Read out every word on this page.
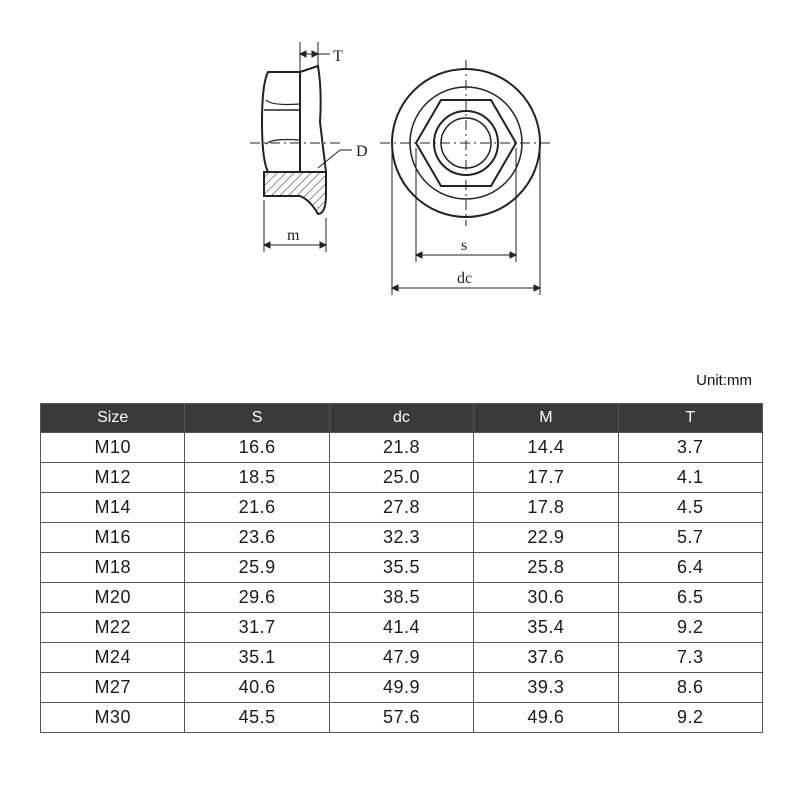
T
D
m
s
dc
Unit:mm
Size	S	dc	M	T
M10	16.6	21.8	14.4	3.7
M12	18.5	25.0	17.7	4.1
M14	21.6	27.8	17.8	4.5
M16	23.6	32.3	22.9	5.7
M18	25.9	35.5	25.8	6.4
M20	29.6	38.5	30.6	6.5
M22	31.7	41.4	35.4	9.2
M24	35.1	47.9	37.6	7.3
M27	40.6	49.9	39.3	8.6
M30	45.5	57.6	49.6	9.2
